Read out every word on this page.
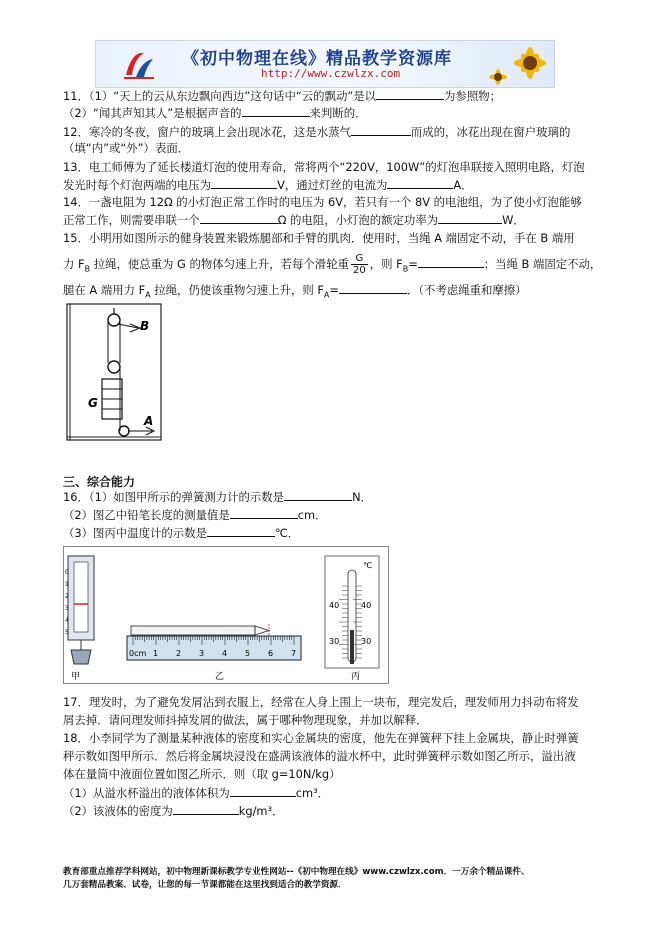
《初中物理在线》精品教学资源库
http://www.czwlzx.com
11．（1）“天上的云从东边飘向西边”这句话中“云的飘动”是以	为参照物；
（2）“闻其声知其人”是根据声音的	来判断的．
12．寒冷的冬夜，窗户的玻璃上会出现冰花，这是水蒸气	而成的，冰花出现在窗户玻璃的
（填“内”或“外”）表面．
13．电工师傅为了延长楼道灯泡的使用寿命，常将两个“220V，100W”的灯泡串联接入照明电路，灯泡
发光时每个灯泡两端的电压为	V，通过灯丝的电流为	A．
14．一盏电阻为 12Ω 的小灯泡正常工作时的电压为 6V，若只有一个 8V 的电池组，为了使小灯泡能够
正常工作，则需要串联一个	Ω 的电阻，小灯泡的额定功率为	W．
15．小明用如图所示的健身装置来锻炼腿部和手臂的肌肉．使用时，当绳 A 端固定不动，手在 B 端用
力 $F_B$ 拉绳，使总重为 G 的物体匀速上升，若每个滑轮重 $\frac{G}{20}$ ，则 $F_B=$	；当绳 B 端固定不动，
腿在 A 端用力 $F_A$ 拉绳，仍使该重物匀速上升，则 $F_A=$	．（不考虑绳重和摩擦）
B
G
A
三、综合能力
16．（1）如图甲所示的弹簧测力计的示数是	N．
（2）图乙中铅笔长度的测量值是	cm．
（3）图丙中温度计的示数是	℃．
0
1
2
3
4
5
甲
0cm 1 2 3 4 5 6 7
乙
℃
40	40
30	30
丙
17．理发时，为了避免发屑沾到衣服上，经常在人身上围上一块布，理完发后，理发师用力抖动布将发
屑去掉．请问理发师抖掉发屑的做法，属于哪种物理现象，并加以解释．
18．小李同学为了测量某种液体的密度和实心金属块的密度，他先在弹簧秤下挂上金属块，静止时弹簧
秤示数如图甲所示．然后将金属块浸没在盛满该液体的溢水杯中，此时弹簧秤示数如图乙所示，溢出液
体在量筒中液面位置如图乙所示．则（取 g=10N/kg）
（1）从溢水杯溢出的液体体积为	cm³．
（2）该液体的密度为	kg/m³．
教育部重点推荐学科网站，初中物理新课标教学专业性网站--《初中物理在线》www.czwlzx.com．一万余个精品课件、
几万套精品教案、试卷，让您的每一节课都能在这里找到适合的教学资源．
